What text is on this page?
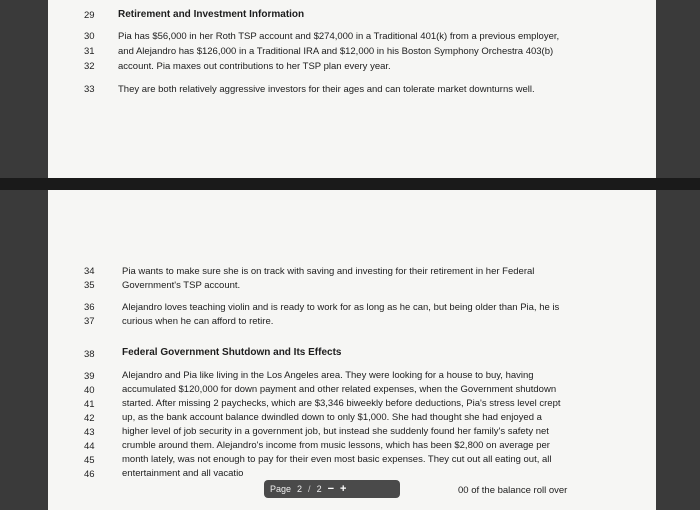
29	Retirement and Investment Information
30	Pia has $56,000 in her Roth TSP account and $274,000 in a Traditional 401(k) from a previous employer,
31	and Alejandro has $126,000 in a Traditional IRA and $12,000 in his Boston Symphony Orchestra 403(b)
32	account. Pia maxes out contributions to her TSP plan every year.
33	They are both relatively aggressive investors for their ages and can tolerate market downturns well.
34	Pia wants to make sure she is on track with saving and investing for their retirement in her Federal
35	Government's TSP account.
36	Alejandro loves teaching violin and is ready to work for as long as he can, but being older than Pia, he is
37	curious when he can afford to retire.
38	Federal Government Shutdown and Its Effects
39	Alejandro and Pia like living in the Los Angeles area. They were looking for a house to buy, having
40	accumulated $120,000 for down payment and other related expenses, when the Government shutdown
41	started. After missing 2 paychecks, which are $3,346 biweekly before deductions, Pia's stress level crept
42	up, as the bank account balance dwindled down to only $1,000. She had thought she had enjoyed a
43	higher level of job security in a government job, but instead she suddenly found her family's safety net
44	crumble around them. Alejandro's income from music lessons, which has been $2,800 on average per
45	month lately, was not enough to pay for their even most basic expenses. They cut out all eating out, all
46	entertainment and all vacatio
00 of the balance roll over
Page 2 / 2 − +
